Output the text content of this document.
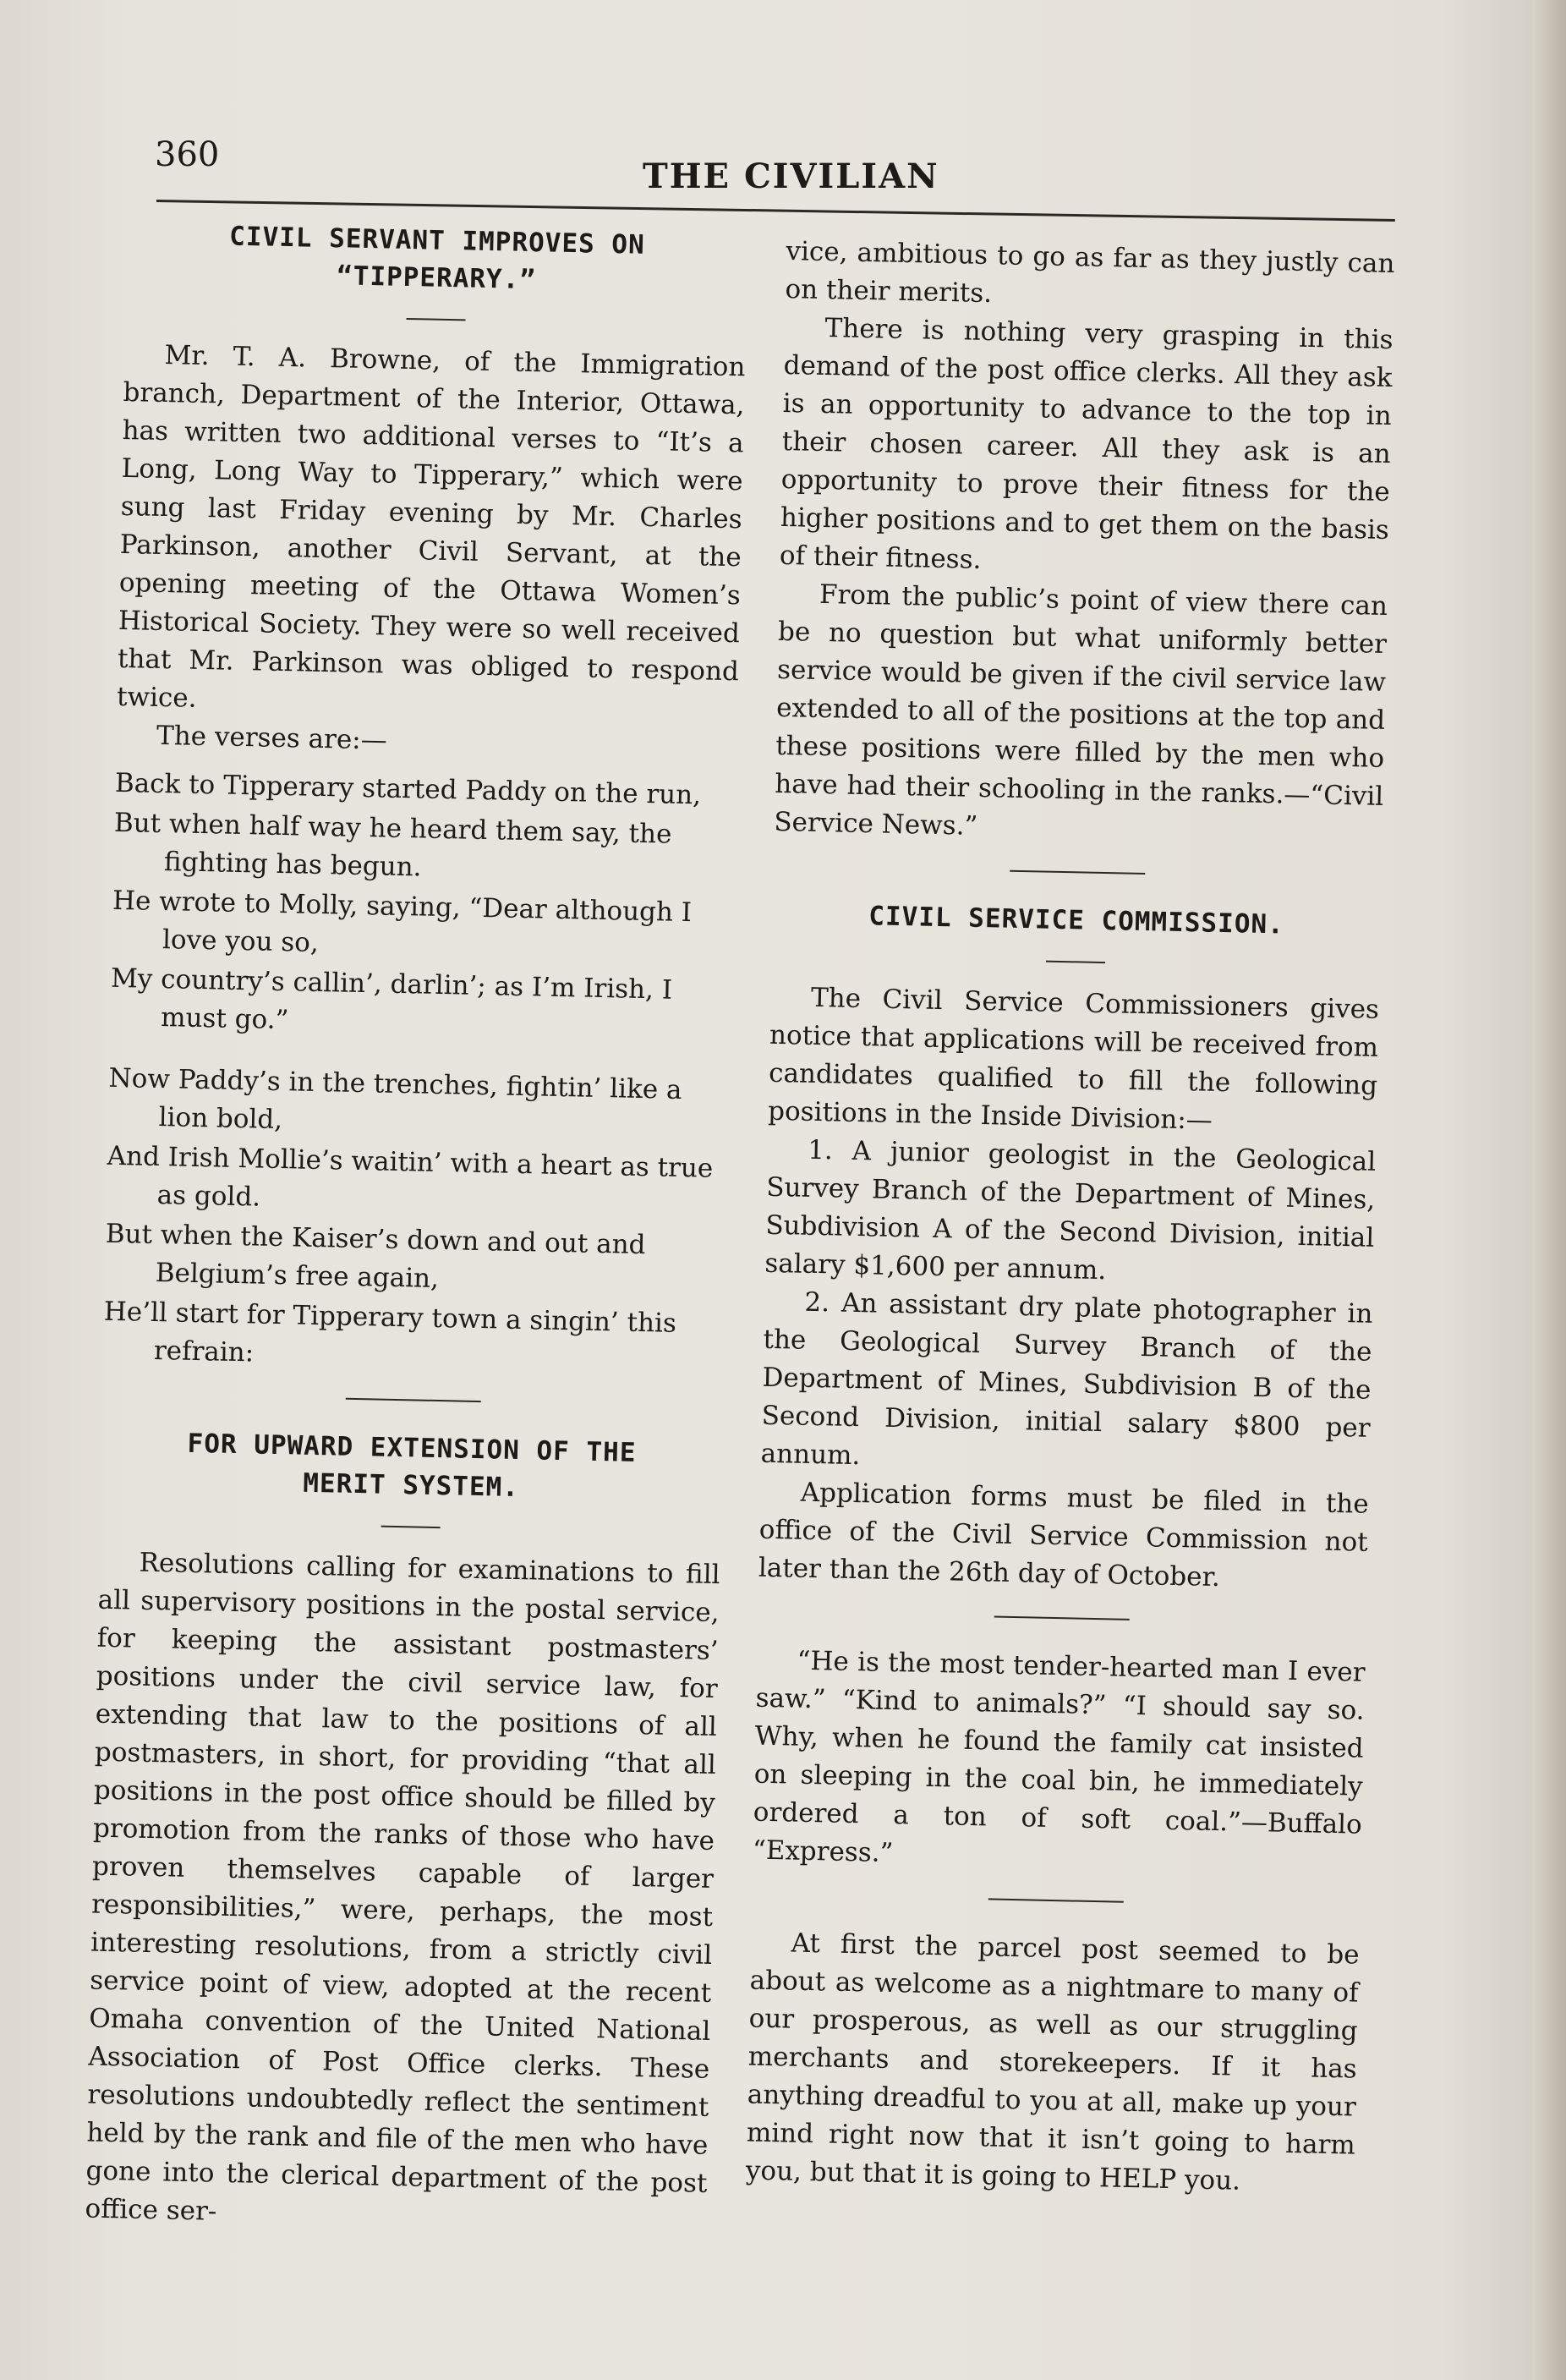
360
THE CIVILIAN
CIVIL SERVANT IMPROVES ON
“TIPPERARY.”

Mr. T. A. Browne, of the Immigration branch, Department of the Interior, Ottawa, has written two additional verses to “It’s a Long, Long Way to Tipperary,” which were sung last Friday evening by Mr. Charles Parkinson, another Civil Servant, at the opening meeting of the Ottawa Women’s Historical Society. They were so well received that Mr. Parkinson was obliged to respond twice.

The verses are:—

Back to Tipperary started Paddy on the run,
But when half way he heard them say, the fighting has begun.
He wrote to Molly, saying, “Dear although I love you so,
My country’s callin’, darlin’; as I’m Irish, I must go.”
Now Paddy’s in the trenches, fightin’ like a lion bold,
And Irish Mollie’s waitin’ with a heart as true as gold.
But when the Kaiser’s down and out and Belgium’s free again,
He’ll start for Tipperary town a singin’ this refrain:
FOR UPWARD EXTENSION OF THE
MERIT SYSTEM.

Resolutions calling for examinations to fill all supervisory positions in the postal service, for keeping the assistant postmasters’ positions under the civil service law, for extending that law to the positions of all postmasters, in short, for providing “that all positions in the post office should be filled by promotion from the ranks of those who have proven themselves capable of larger responsibilities,” were, perhaps, the most interesting resolutions, from a strictly civil service point of view, adopted at the recent Omaha convention of the United National Association of Post Office clerks. These resolutions undoubtedly reflect the sentiment held by the rank and file of the men who have gone into the clerical department of the post office ser-

vice, ambitious to go as far as they justly can on their merits.

There is nothing very grasping in this demand of the post office clerks. All they ask is an opportunity to advance to the top in their chosen career. All they ask is an opportunity to prove their fitness for the higher positions and to get them on the basis of their fitness.

From the public’s point of view there can be no question but what uniformly better service would be given if the civil service law extended to all of the positions at the top and these positions were filled by the men who have had their schooling in the ranks.—“Civil Service News.”

CIVIL SERVICE COMMISSION.

The Civil Service Commissioners gives notice that applications will be received from candidates qualified to fill the following positions in the Inside Division:—

1. A junior geologist in the Geological Survey Branch of the Department of Mines, Subdivision A of the Second Division, initial salary $1,600 per annum.

2. An assistant dry plate photographer in the Geological Survey Branch of the Department of Mines, Subdivision B of the Second Division, initial salary $800 per annum.

Application forms must be filed in the office of the Civil Service Commission not later than the 26th day of October.

“He is the most tender-hearted man I ever saw.” “Kind to animals?” “I should say so. Why, when he found the family cat insisted on sleeping in the coal bin, he immediately ordered a ton of soft coal.”—Buffalo “Express.”

At first the parcel post seemed to be about as welcome as a nightmare to many of our prosperous, as well as our struggling merchants and storekeepers. If it has anything dreadful to you at all, make up your mind right now that it isn’t going to harm you, but that it is going to HELP you.
